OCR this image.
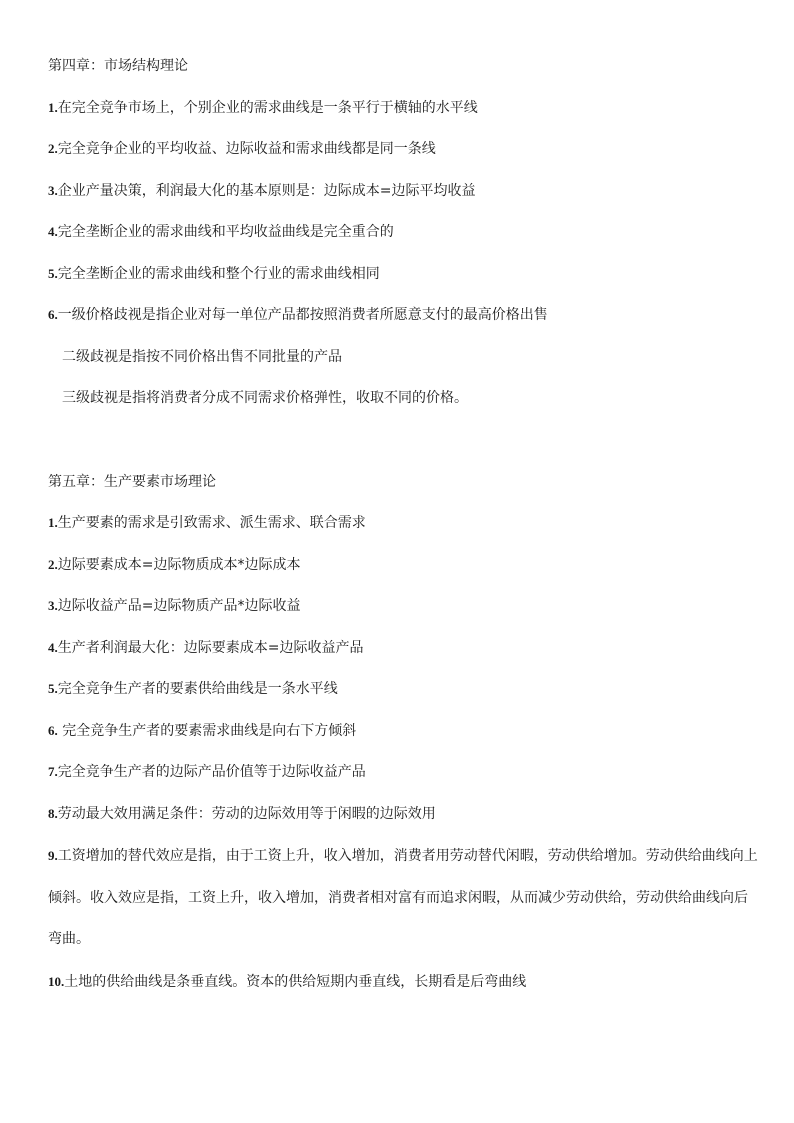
第四章：市场结构理论

1.在完全竞争市场上，个别企业的需求曲线是一条平行于横轴的水平线

2.完全竞争企业的平均收益、边际收益和需求曲线都是同一条线

3.企业产量决策，利润最大化的基本原则是：边际成本=边际平均收益

4.完全垄断企业的需求曲线和平均收益曲线是完全重合的

5.完全垄断企业的需求曲线和整个行业的需求曲线相同

6.一级价格歧视是指企业对每一单位产品都按照消费者所愿意支付的最高价格出售

二级歧视是指按不同价格出售不同批量的产品

三级歧视是指将消费者分成不同需求价格弹性，收取不同的价格。

第五章：生产要素市场理论

1.生产要素的需求是引致需求、派生需求、联合需求

2.边际要素成本=边际物质成本*边际成本

3.边际收益产品=边际物质产品*边际收益

4.生产者利润最大化：边际要素成本=边际收益产品

5.完全竞争生产者的要素供给曲线是一条水平线

6. 完全竞争生产者的要素需求曲线是向右下方倾斜

7.完全竞争生产者的边际产品价值等于边际收益产品

8.劳动最大效用满足条件：劳动的边际效用等于闲暇的边际效用

9.工资增加的替代效应是指，由于工资上升，收入增加，消费者用劳动替代闲暇，劳动供给增加。劳动供给曲线向上倾斜。收入效应是指，工资上升，收入增加，消费者相对富有而追求闲暇，从而减少劳动供给，劳动供给曲线向后弯曲。

10.土地的供给曲线是条垂直线。资本的供给短期内垂直线，长期看是后弯曲线
